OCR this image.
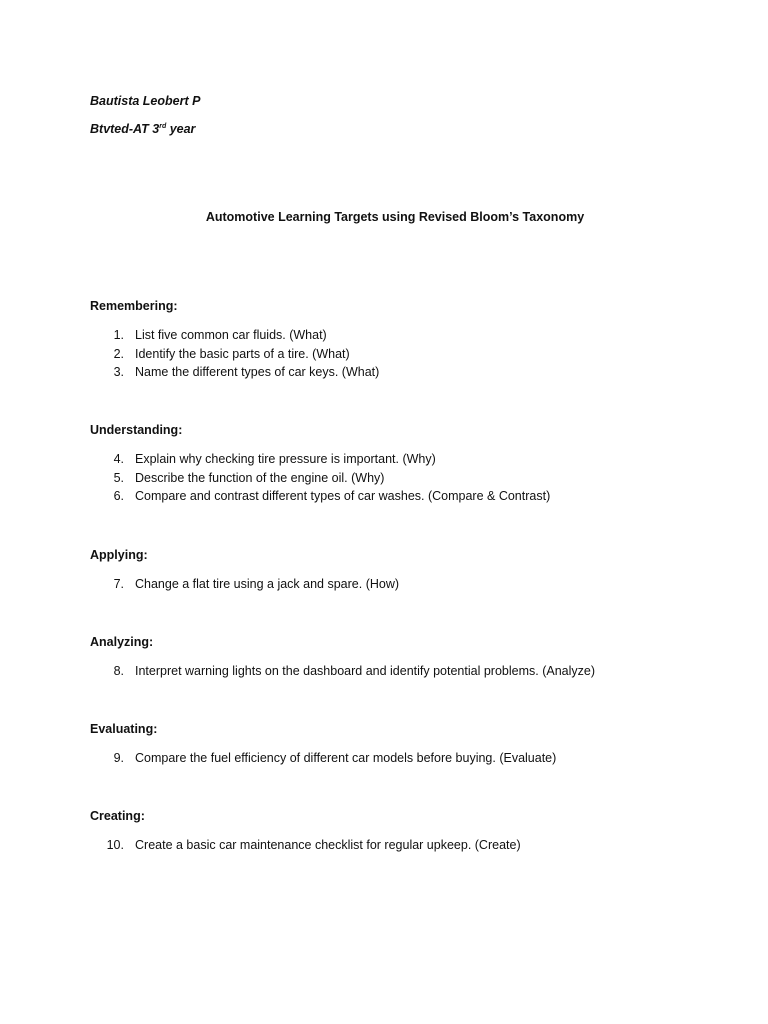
Bautista Leobert P
Btvted-AT 3rd year
Automotive Learning Targets using Revised Bloom’s Taxonomy
Remembering:
1. List five common car fluids. (What)
2. Identify the basic parts of a tire. (What)
3. Name the different types of car keys. (What)
Understanding:
4. Explain why checking tire pressure is important. (Why)
5. Describe the function of the engine oil. (Why)
6. Compare and contrast different types of car washes. (Compare & Contrast)
Applying:
7. Change a flat tire using a jack and spare. (How)
Analyzing:
8. Interpret warning lights on the dashboard and identify potential problems. (Analyze)
Evaluating:
9. Compare the fuel efficiency of different car models before buying. (Evaluate)
Creating:
10. Create a basic car maintenance checklist for regular upkeep. (Create)
